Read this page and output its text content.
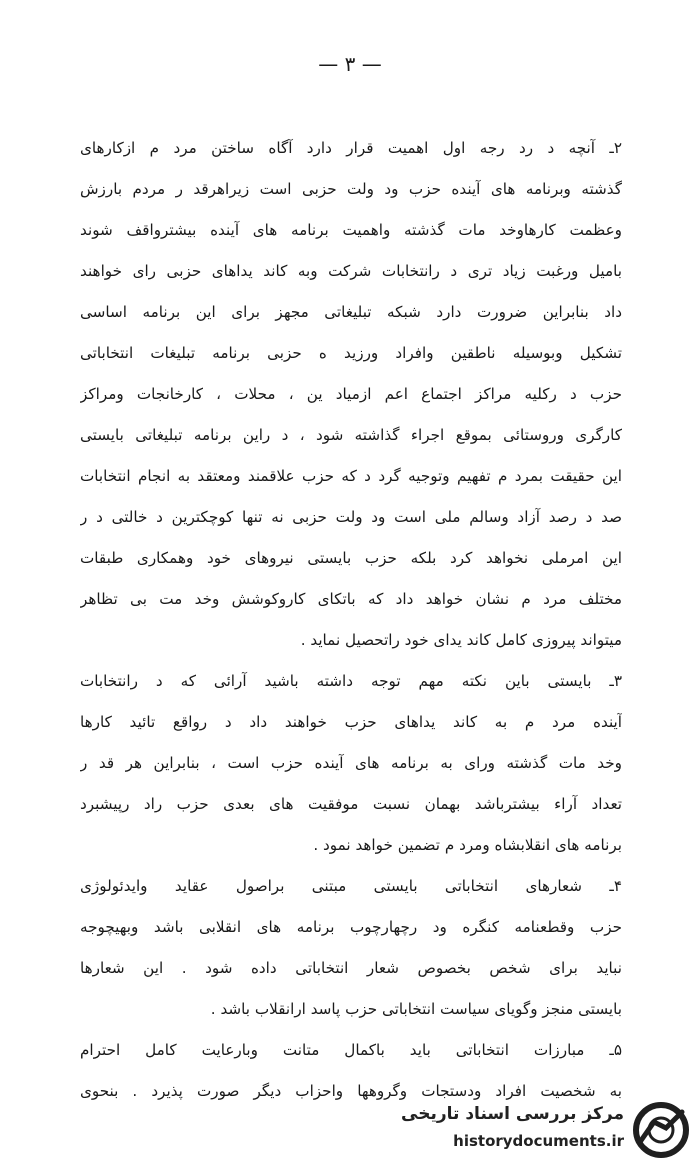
— ۳ —
۲ـ آنچه د رد رجه اول اهمیت قرار دارد آگاه ساختن مرد م ازکارهای
گذشته وبرنامه های آینده حزب ود ولت حزبی است زیراهرقد ر مردم بارزش
وعظمت کارهاوخد مات گذشته واهمیت برنامه های آینده بیشترواقف شوند
باميل ورغبت زياد تری د رانتخابات شرکت وبه کاند يداهای حزبی رای خواهند
داد بنابراین ضرورت دارد شبکه تبلیغاتی مجهز برای این برنامه اساسی
تشکیل وبوسیله ناطقین وافراد ورزید ه حزبی برنامه تبلیغات انتخاباتی
حزب د رکلیه مراکز اجتماع اعم ازمیاد ین ، محلات ، کارخانجات ومراکز
کارگری وروستائی بموقع اجراء گذاشته شود ، د راین برنامه تبلیغاتی بایستی
این حقیقت بمرد م تفهیم وتوجیه گرد د که حزب علاقمند ومعتقد به انجام انتخابات
صد د رصد آزاد وسالم ملی است ود ولت حزبی نه تنها کوچکترین د خالتی د ر
این امرملی نخواهد کرد بلکه حزب بایستی نیروهای خود وهمکاری طبقات
مختلف مرد م نشان خواهد داد که باتکای کاروکوشش وخد مت بی تظاهر
میتواند پیروزی کامل کاند یدای خود راتحصیل نماید .
۳ـ بایستی باین نکته مهم توجه داشته باشید آرائی که د رانتخابات
آینده مرد م به کاند یداهای حزب خواهند داد د رواقع تائید کارها
وخد مات گذشته ورای به برنامه های آینده حزب است ، بنابراین هر قد ر
تعداد آراء بیشترباشد بهمان نسبت موفقیت های بعدی حزب راد رپیشبرد
برنامه های انقلابشاه ومرد م تضمین خواهد نمود .
۴ـ شعارهای انتخاباتی بایستی مبتنی براصول عقاید وایدئولوژی
حزب وقطعنامه کنگره ود رچهارچوب برنامه های انقلابی باشد وبهیچوجه
نباید برای شخص بخصوص شعار انتخاباتی داده شود . این شعارها
بایستی منجز وگویای سیاست انتخاباتی حزب پاسد ارانقلاب باشد .
۵ـ مبارزات انتخاباتی باید باکمال متانت وبارعایت کامل احترام
به شخصیت افراد ودستجات وگروهها واحزاب دیگر صورت پذیرد . بنحوی
مرکز بررسی اسناد تاریخی
historydocuments.ir
